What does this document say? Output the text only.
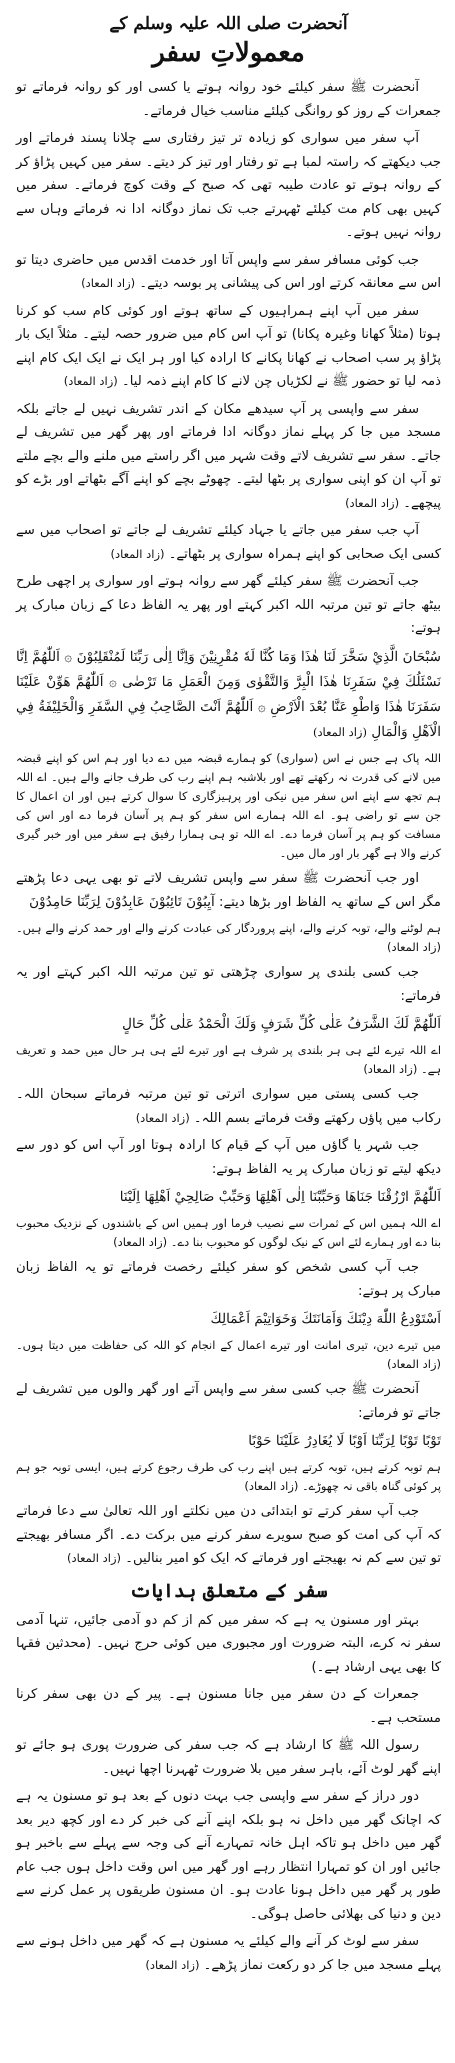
آنحضرت صلی اللہ علیہ وسلم کے
معمولاتِ سفر

آنحضرت ﷺ سفر کیلئے خود روانہ ہوتے یا کسی اور کو روانہ فرماتے تو جمعرات کے روز کو روانگی کیلئے مناسب خیال فرماتے۔

آپ سفر میں سواری کو زیادہ تر تیز رفتاری سے چلانا پسند فرماتے اور جب دیکھتے کہ راستہ لمبا ہے تو رفتار اور تیز کر دیتے۔ سفر میں کہیں پڑاؤ کر کے روانہ ہوتے تو عادت طیبہ تھی کہ صبح کے وقت کوچ فرماتے۔ سفر میں کہیں بھی کام مت کیلئے ٹھہرتے جب تک نماز دوگانہ ادا نہ فرماتے وہاں سے روانہ نہیں ہوتے۔

جب کوئی مسافر سفر سے واپس آتا اور خدمت اقدس میں حاضری دیتا تو اس سے معانقہ کرتے اور اس کی پیشانی پر بوسہ دیتے۔ (زاد المعاد)

سفر میں آپ اپنے ہمراہیوں کے ساتھ ہوتے اور کوئی کام سب کو کرنا ہوتا (مثلاً کھانا وغیرہ پکانا) تو آپ اس کام میں ضرور حصہ لیتے۔ مثلاً ایک بار پڑاؤ پر سب اصحاب نے کھانا پکانے کا ارادہ کیا اور ہر ایک نے ایک ایک کام اپنے ذمہ لیا تو حضور ﷺ نے لکڑیاں چن لانے کا کام اپنے ذمہ لیا۔ (زاد المعاد)

سفر سے واپسی پر آپ سیدھے مکان کے اندر تشریف نہیں لے جاتے بلکہ مسجد میں جا کر پہلے نماز دوگانہ ادا فرماتے اور پھر گھر میں تشریف لے جاتے۔ سفر سے تشریف لاتے وقت شہر میں اگر راستے میں ملنے والے بچے ملتے تو آپ ان کو اپنی سواری پر بٹھا لیتے۔ چھوٹے بچے کو اپنے آگے بٹھاتے اور بڑے کو پیچھے۔ (زاد المعاد)

آپ جب سفر میں جاتے یا جہاد کیلئے تشریف لے جاتے تو اصحاب میں سے کسی ایک صحابی کو اپنے ہمراہ سواری پر بٹھاتے۔ (زاد المعاد)

جب آنحضرت ﷺ سفر کیلئے گھر سے روانہ ہوتے اور سواری پر اچھی طرح بیٹھ جاتے تو تین مرتبہ اللہ اکبر کہتے اور پھر یہ الفاظ دعا کے زبان مبارک پر ہوتے:

سُبْحَانَ الَّذِيْ سَخَّرَ لَنَا هٰذَا وَمَا كُنَّا لَهٗ مُقْرِنِيْنَ وَاِنَّا اِلٰى رَبِّنَا لَمُنْقَلِبُوْنَ ۞ اَللّٰهُمَّ اِنَّا نَسْئَلُكَ فِيْ سَفَرِنَا هٰذَا الْبِرَّ وَالتَّقْوٰى وَمِنَ الْعَمَلِ مَا تَرْضٰى ۞ اَللّٰهُمَّ هَوِّنْ عَلَيْنَا سَفَرَنَا هٰذَا وَاطْوِ عَنَّا بُعْدَ الْاَرْضِ ۞ اَللّٰهُمَّ اَنْتَ الصَّاحِبُ فِي السَّفَرِ وَالْخَلِيْفَةُ فِي الْاَهْلِ وَالْمَالِ (زاد المعاد)

اللہ پاک ہے جس نے اس (سواری) کو ہمارے قبضہ میں دے دیا اور ہم اس کو اپنے قبضہ میں لانے کی قدرت نہ رکھتے تھے اور بلاشبہ ہم اپنے رب کی طرف جانے والے ہیں۔ اے اللہ ہم تجھ سے اپنے اس سفر میں نیکی اور پرہیزگاری کا سوال کرتے ہیں اور ان اعمال کا جن سے تو راضی ہو۔ اے اللہ ہمارے اس سفر کو ہم پر آسان فرما دے اور اس کی مسافت کو ہم پر آسان فرما دے۔ اے اللہ تو ہی ہمارا رفیق ہے سفر میں اور خبر گیری کرنے والا ہے گھر بار اور مال میں۔

اور جب آنحضرت ﷺ سفر سے واپس تشریف لاتے تو بھی یہی دعا پڑھتے مگر اس کے ساتھ یہ الفاظ اور بڑھا دیتے: آيِبُوْنَ تَائِبُوْنَ عَابِدُوْنَ لِرَبِّنَا حَامِدُوْنَ

ہم لوٹنے والے، توبہ کرنے والے، اپنے پروردگار کی عبادت کرنے والے اور حمد کرنے والے ہیں۔ (زاد المعاد)

جب کسی بلندی پر سواری چڑھتی تو تین مرتبہ اللہ اکبر کہتے اور یہ فرماتے:

اَللّٰهُمَّ لَكَ الشَّرَفُ عَلٰى كُلِّ شَرَفٍ وَلَكَ الْحَمْدُ عَلٰى كُلِّ حَالٍ

اے اللہ تیرے لئے ہی ہر بلندی پر شرف ہے اور تیرے لئے ہی ہر حال میں حمد و تعریف ہے۔ (زاد المعاد)

جب کسی پستی میں سواری اترتی تو تین مرتبہ فرماتے سبحان اللہ۔ رکاب میں پاؤں رکھتے وقت فرماتے بسم اللہ۔ (زاد المعاد)

جب شہر یا گاؤں میں آپ کے قیام کا ارادہ ہوتا اور آپ اس کو دور سے دیکھ لیتے تو زبان مبارک پر یہ الفاظ ہوتے:

اَللّٰهُمَّ ارْزُقْنَا جَنَاهَا وَحَبِّبْنَا اِلٰى اَهْلِهَا وَحَبِّبْ صَالِحِيْ اَهْلِهَا اِلَيْنَا

اے اللہ ہمیں اس کے ثمرات سے نصیب فرما اور ہمیں اس کے باشندوں کے نزدیک محبوب بنا دے اور ہمارے لئے اس کے نیک لوگوں کو محبوب بنا دے۔ (زاد المعاد)

جب آپ کسی شخص کو سفر کیلئے رخصت فرماتے تو یہ الفاظ زبان مبارک پر ہوتے:

اَسْتَوْدِعُ اللّٰهَ دِيْنَكَ وَاَمَانَتَكَ وَخَوَاتِيْمَ اَعْمَالِكَ

میں تیرے دین، تیری امانت اور تیرے اعمال کے انجام کو اللہ کی حفاظت میں دیتا ہوں۔ (زاد المعاد)

آنحضرت ﷺ جب کسی سفر سے واپس آتے اور گھر والوں میں تشریف لے جاتے تو فرماتے:

تَوْبًا تَوْبًا لِرَبِّنَا اَوْبًا لَا يُغَادِرُ عَلَيْنَا حَوْبًا

ہم توبہ کرتے ہیں، توبہ کرتے ہیں اپنے رب کی طرف رجوع کرتے ہیں، ایسی توبہ جو ہم پر کوئی گناہ باقی نہ چھوڑے۔ (زاد المعاد)

جب آپ سفر کرتے تو ابتدائی دن میں نکلتے اور اللہ تعالیٰ سے دعا فرماتے کہ آپ کی امت کو صبح سویرے سفر کرنے میں برکت دے۔ اگر مسافر بھیجتے تو تین سے کم نہ بھیجتے اور فرماتے کہ ایک کو امیر بنالیں۔ (زاد المعاد)

سفر کے متعلق ہدایات

بہتر اور مسنون یہ ہے کہ سفر میں کم از کم دو آدمی جائیں، تنہا آدمی سفر نہ کرے، البتہ ضرورت اور مجبوری میں کوئی حرج نہیں۔ (محدثین فقہا کا بھی یہی ارشاد ہے۔)

جمعرات کے دن سفر میں جانا مسنون ہے۔ پیر کے دن بھی سفر کرنا مستحب ہے۔

رسول اللہ ﷺ کا ارشاد ہے کہ جب سفر کی ضرورت پوری ہو جائے تو اپنے گھر لوٹ آئے، باہر سفر میں بلا ضرورت ٹھہرنا اچھا نہیں۔

دور دراز کے سفر سے واپسی جب بہت دنوں کے بعد ہو تو مسنون یہ ہے کہ اچانک گھر میں داخل نہ ہو بلکہ اپنے آنے کی خبر کر دے اور کچھ دیر بعد گھر میں داخل ہو تاکہ اہل خانہ تمہارے آنے کی وجہ سے پہلے سے باخبر ہو جائیں اور ان کو تمہارا انتظار رہے اور گھر میں اس وقت داخل ہوں جب عام طور پر گھر میں داخل ہونا عادت ہو۔ ان مسنون طریقوں پر عمل کرنے سے دین و دنیا کی بھلائی حاصل ہوگی۔

سفر سے لوٹ کر آنے والے کیلئے یہ مسنون ہے کہ گھر میں داخل ہونے سے پہلے مسجد میں جا کر دو رکعت نماز پڑھے۔ (زاد المعاد)
